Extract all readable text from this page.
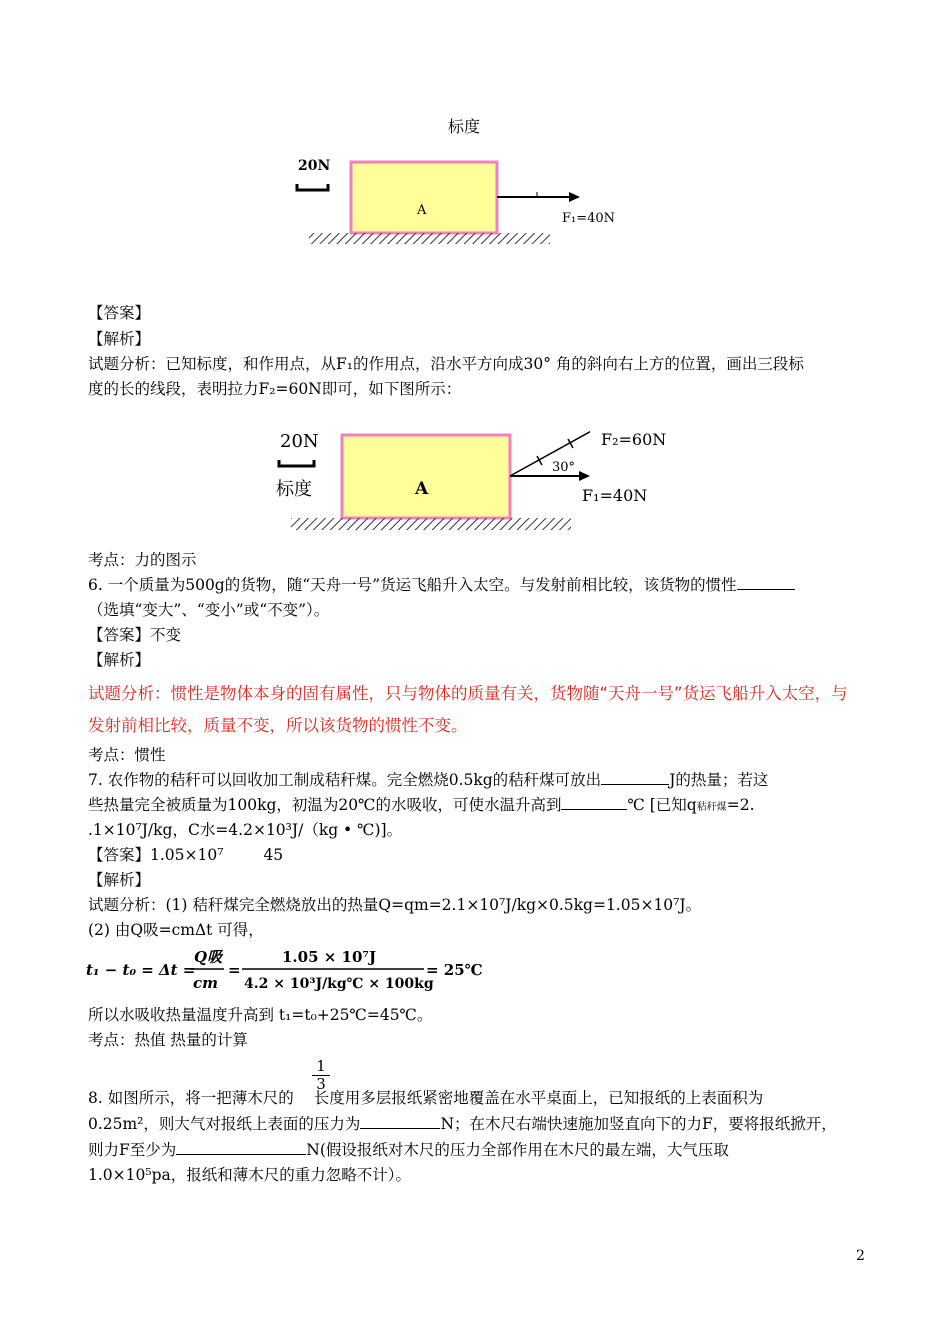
标度
20N
A
F₁=40N
【答案】
【解析】
试题分析：已知标度，和作用点，从F₁的作用点，沿水平方向成30° 角的斜向右上方的位置，画出三段标
度的长的线段，表明拉力F₂=60N即可，如下图所示：
20N
标度	A
30°
F₂=60N
F₁=40N
考点：力的图示
6. 一个质量为500g的货物，随“天舟一号”货运飞船升入太空。与发射前相比较，该货物的惯性
（选填“变大”、“变小”或“不变”）。
【答案】不变
【解析】
试题分析：惯性是物体本身的固有属性，只与物体的质量有关，货物随“天舟一号”货运飞船升入太空，与
发射前相比较，质量不变，所以该货物的惯性不变。
考点：惯性
7. 农作物的秸秆可以回收加工制成秸秆煤。完全燃烧0.5kg的秸秆煤可放出	J的热量；若这
些热量完全被质量为100kg，初温为20℃的水吸收，可使水温升高到	℃ [已知q秸秆煤=2.
.1×10⁷J/kg，C水=4.2×10³J/（kg • ℃)]。
【答案】1.05×10⁷	45
【解析】
试题分析：(1) 秸秆煤完全燃烧放出的热量Q=qm=2.1×10⁷J/kg×0.5kg=1.05×10⁷J。
(2) 由Q吸=cmΔt 可得，
t₁ − t₀ = Δt =
Q吸
cm
=
1.05 × 10⁷J
4.2 × 10³J/kg℃ × 100kg
= 25℃
所以水吸收热量温度升高到 t₁=t₀+25℃=45℃。
考点：热值 热量的计算
1
3
8. 如图所示，将一把薄木尺的 长度用多层报纸紧密地覆盖在水平桌面上，已知报纸的上表面积为
0.25m²，则大气对报纸上表面的压力为	N；在木尺右端快速施加竖直向下的力F，要将报纸掀开，
则力F至少为	N(假设报纸对木尺的压力全部作用在木尺的最左端，大气压取
1.0×10⁵pa，报纸和薄木尺的重力忽略不计）。
2
